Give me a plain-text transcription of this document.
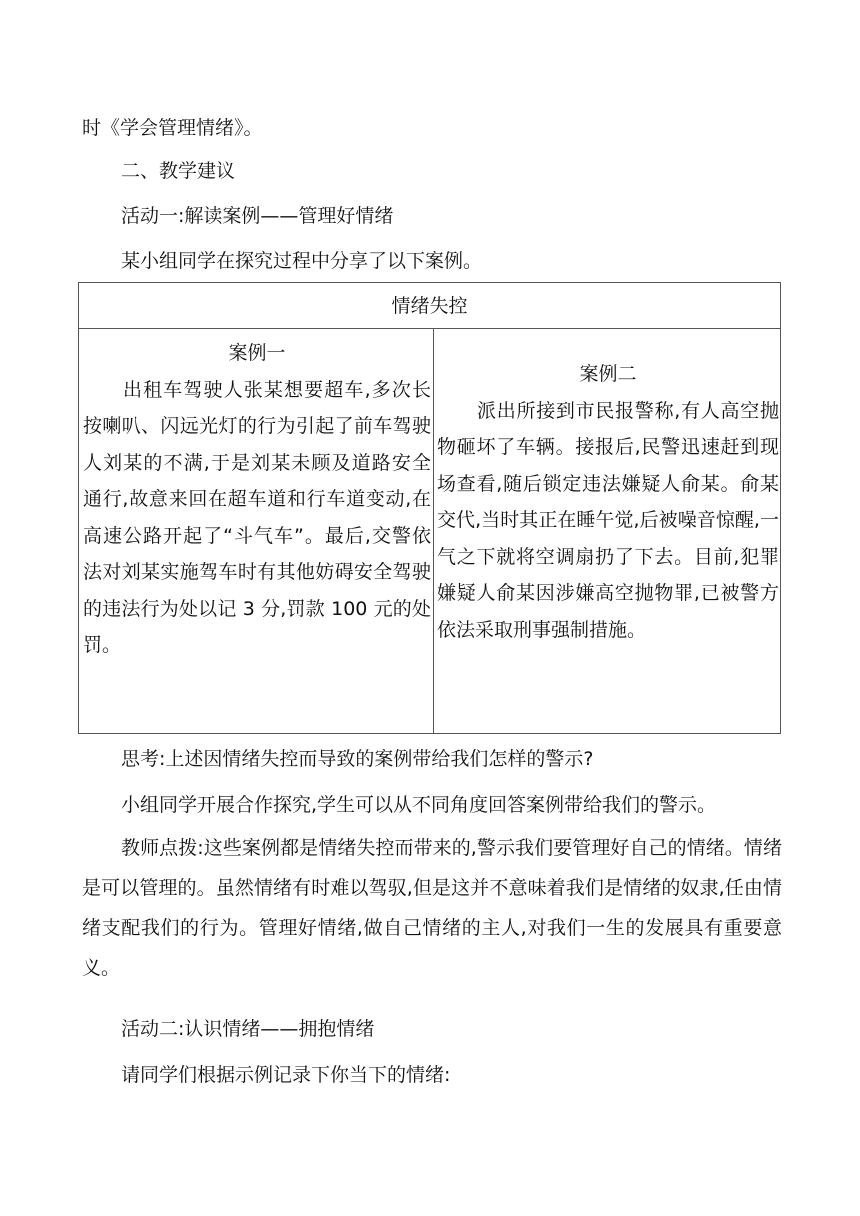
时《学会管理情绪》。
二、教学建议
活动一:解读案例——管理好情绪
某小组同学在探究过程中分享了以下案例。
情绪失控
案例一
出租车驾驶人张某想要超车,多次长按喇叭、闪远光灯的行为引起了前车驾驶人刘某的不满,于是刘某未顾及道路安全通行,故意来回在超车道和行车道变动,在高速公路开起了“斗气车”。最后,交警依法对刘某实施驾车时有其他妨碍安全驾驶的违法行为处以记 3 分,罚款 100 元的处罚。
案例二
派出所接到市民报警称,有人高空抛物砸坏了车辆。接报后,民警迅速赶到现场查看,随后锁定违法嫌疑人俞某。俞某交代,当时其正在睡午觉,后被噪音惊醒,一气之下就将空调扇扔了下去。目前,犯罪嫌疑人俞某因涉嫌高空抛物罪,已被警方依法采取刑事强制措施。
思考:上述因情绪失控而导致的案例带给我们怎样的警示?
小组同学开展合作探究,学生可以从不同角度回答案例带给我们的警示。
教师点拨:这些案例都是情绪失控而带来的,警示我们要管理好自己的情绪。情绪是可以管理的。虽然情绪有时难以驾驭,但是这并不意味着我们是情绪的奴隶,任由情绪支配我们的行为。管理好情绪,做自己情绪的主人,对我们一生的发展具有重要意义。
活动二:认识情绪——拥抱情绪
请同学们根据示例记录下你当下的情绪:
